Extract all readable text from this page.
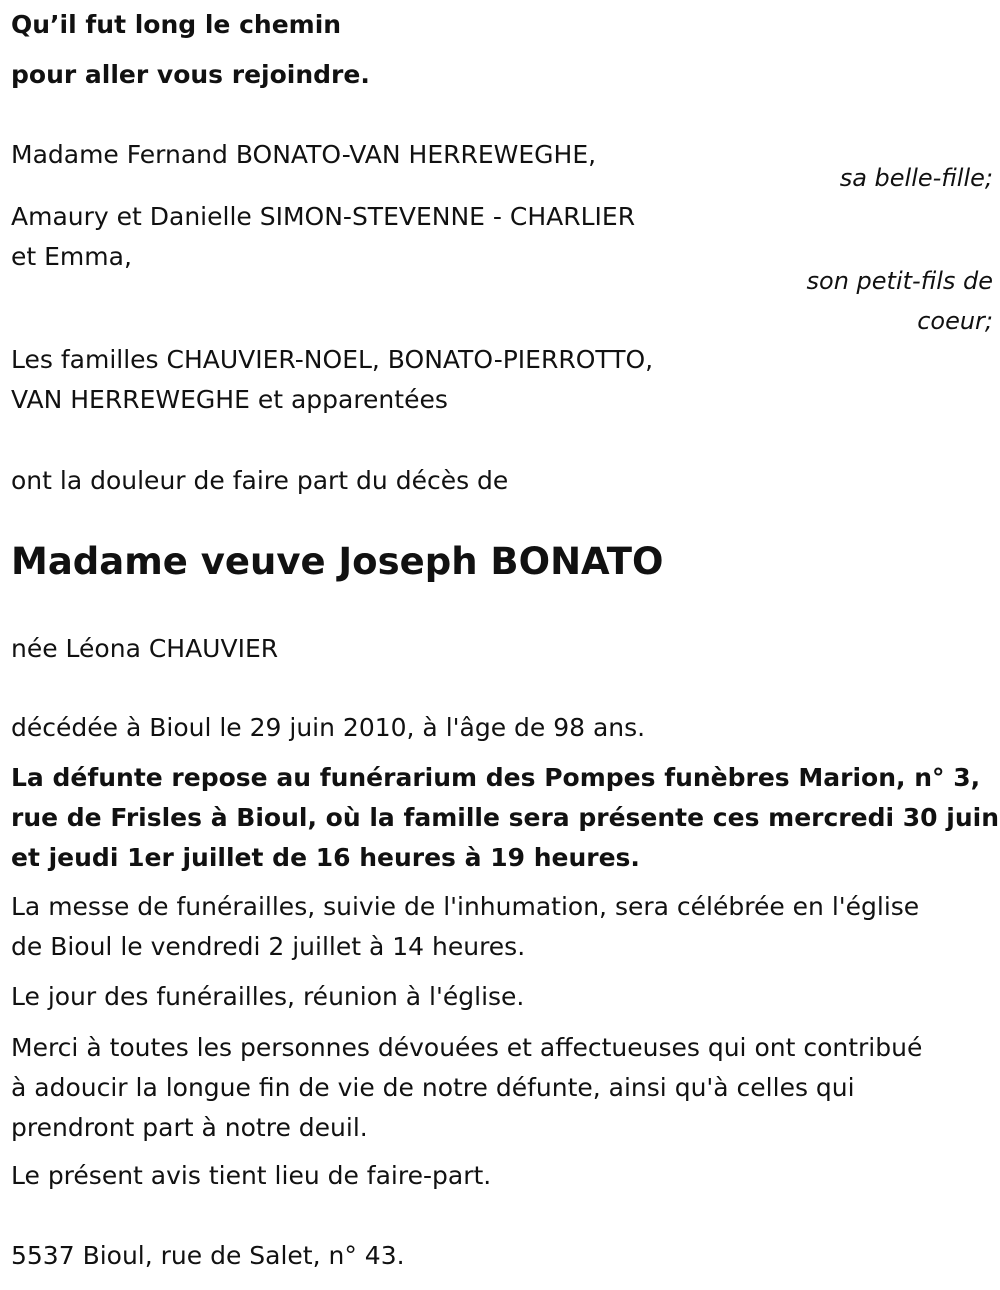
Qu’il fut long le chemin
pour aller vous rejoindre.
Madame Fernand BONATO-VAN HERREWEGHE,
sa belle-fille;
Amaury et Danielle SIMON-STEVENNE - CHARLIER
et Emma,
son petit-fils de
coeur;
Les familles CHAUVIER-NOEL, BONATO-PIERROTTO,
VAN HERREWEGHE et apparentées
ont la douleur de faire part du décès de
Madame veuve Joseph BONATO
née Léona CHAUVIER
décédée à Bioul le 29 juin 2010, à l'âge de 98 ans.
La défunte repose au funérarium des Pompes funèbres Marion, n° 3,
rue de Frisles à Bioul, où la famille sera présente ces mercredi 30 juin
et jeudi 1er juillet de 16 heures à 19 heures.
La messe de funérailles, suivie de l'inhumation, sera célébrée en l'église
de Bioul le vendredi 2 juillet à 14 heures.
Le jour des funérailles, réunion à l'église.
Merci à toutes les personnes dévouées et affectueuses qui ont contribué
à adoucir la longue fin de vie de notre défunte, ainsi qu'à celles qui
prendront part à notre deuil.
Le présent avis tient lieu de faire-part.
5537 Bioul, rue de Salet, n° 43.
